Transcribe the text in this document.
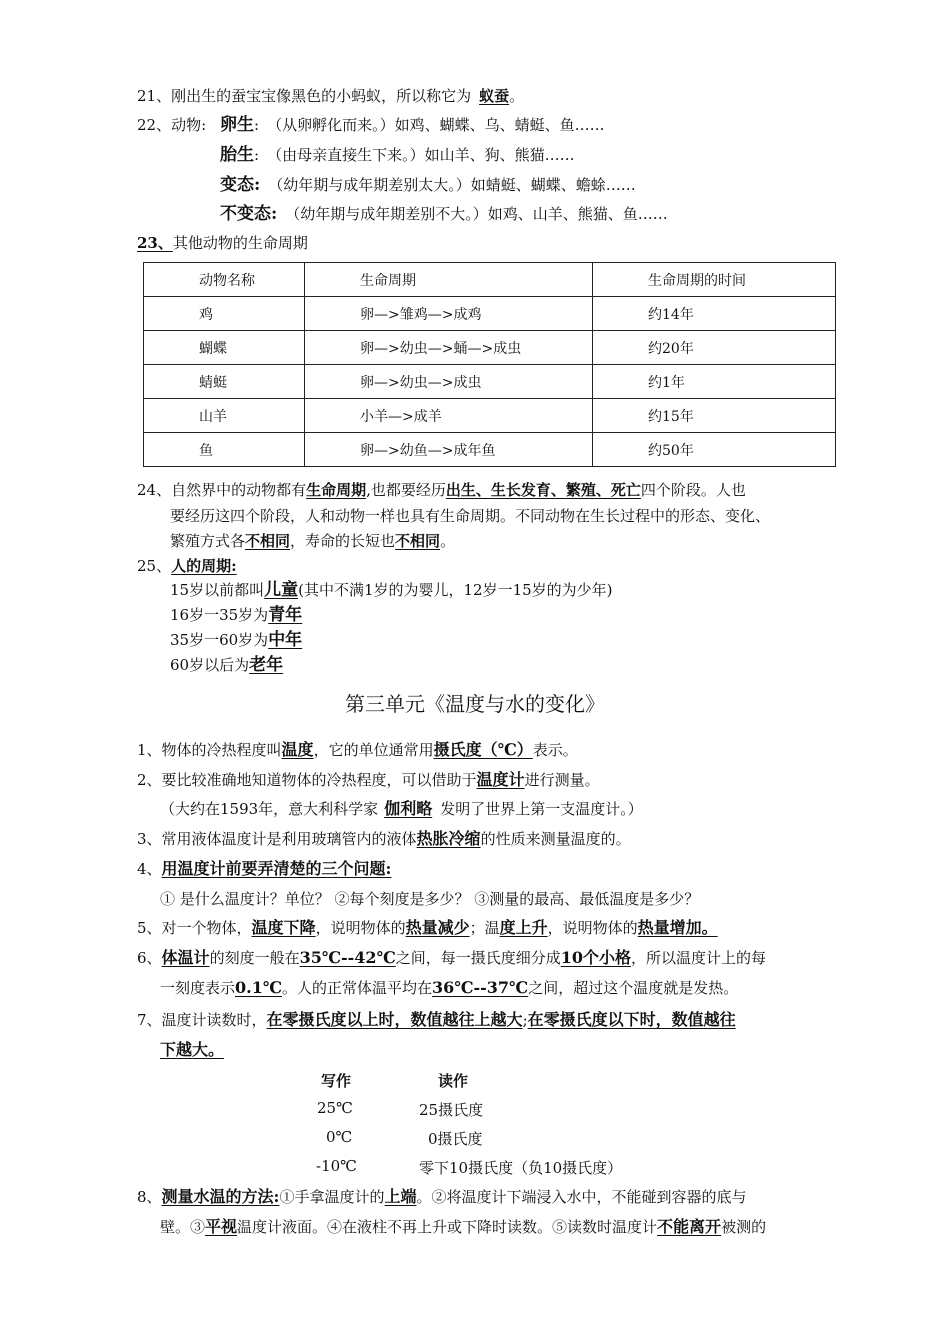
21、刚出生的蚕宝宝像黑色的小蚂蚁，所以称它为 蚁蚕。
22、动物: 卵生: （从卵孵化而来。）如鸡、蝴蝶、乌、蜻蜓、鱼……
胎生: （由母亲直接生下来。）如山羊、狗、熊猫……
变态: （幼年期与成年期差别太大。）如蜻蜓、蝴蝶、蟾蜍……
不变态: （幼年期与成年期差别不大。）如鸡、山羊、熊猫、鱼……
23、其他动物的生命周期
动物名称	生命周期	生命周期的时间
鸡	卵—>雏鸡—>成鸡	约14年
蝴蝶	卵—>幼虫—>蛹—>成虫	约20年
蜻蜓	卵—>幼虫—>成虫	约1年
山羊	小羊—>成羊	约15年
鱼	卵—>幼鱼—>成年鱼	约50年
24、自然界中的动物都有生命周期,也都要经历出生、生长发育、繁殖、死亡四个阶段。人也
要经历这四个阶段，人和动物一样也具有生命周期。不同动物在生长过程中的形态、变化、
繁殖方式各不相同，寿命的长短也不相同。
25、人的周期:
15岁以前都叫儿童(其中不满1岁的为婴儿，12岁一15岁的为少年)
16岁一35岁为青年
35岁一60岁为中年
60岁以后为老年
第三单元《温度与水的变化》
1、物体的冷热程度叫温度，它的单位通常用摄氏度（℃）表示。
2、要比较准确地知道物体的冷热程度，可以借助于温度计进行测量。
（大约在1593年，意大利科学家 伽利略 发明了世界上第一支温度计。）
3、常用液体温度计是利用玻璃管内的液体热胀冷缩的性质来测量温度的。
4、用温度计前要弄清楚的三个问题:
① 是什么温度计？单位？ ②每个刻度是多少？ ③测量的最高、最低温度是多少？
5、对一个物体，温度下降，说明物体的热量减少；温度上升，说明物体的热量增加。
6、体温计的刻度一般在35℃--42℃之间，每一摄氏度细分成10个小格，所以温度计上的每
一刻度表示0.1℃。人的正常体温平均在36℃--37℃之间，超过这个温度就是发热。
7、温度计读数时，在零摄氏度以上时，数值越往上越大;在零摄氏度以下时，数值越往
下越大。
写作	读作
25℃	25摄氏度
0℃	0摄氏度
-10℃	零下10摄氏度（负10摄氏度）
8、测量水温的方法:①手拿温度计的上端。②将温度计下端浸入水中，不能碰到容器的底与
壁。③平视温度计液面。④在液柱不再上升或下降时读数。⑤读数时温度计不能离开被测的
